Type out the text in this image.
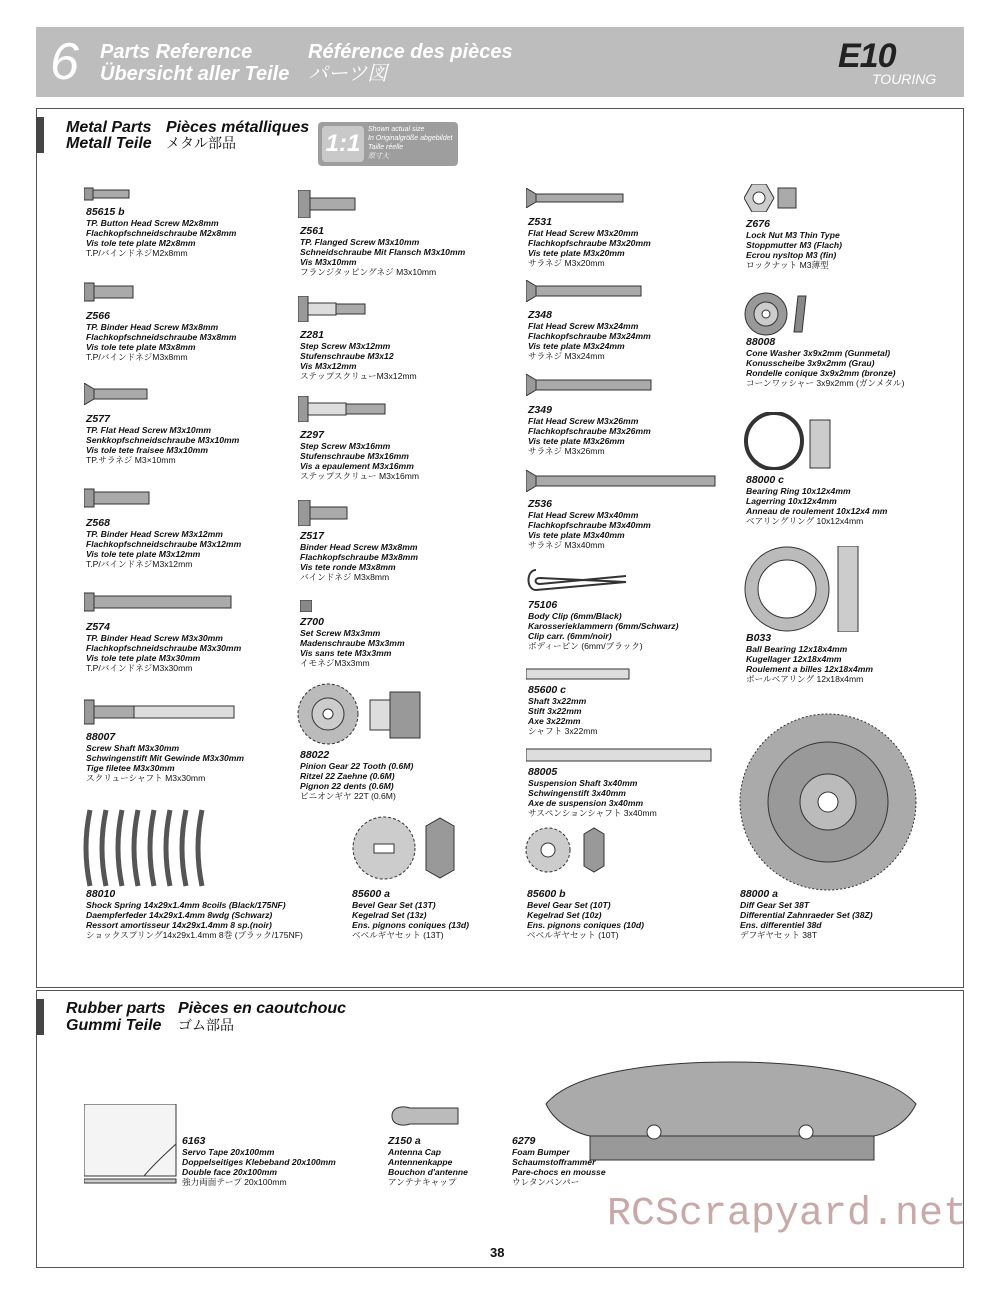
6 Parts Reference
Übersicht aller Teile
Référence des pièces
パーツ図	E10
TOURING
Metal Parts Pièces métalliques
Metall Teile メタル部品	1:1
Shown actual size
In Originalgröße abgebildet
Taille réelle
原寸大
85615 b
TP. Button Head Screw M2x8mm
Flachkopfschneidschraube M2x8mm
Vis tole tete plate M2x8mm
T.P/バインドネジM2x8mm
Z566
TP. Binder Head Screw M3x8mm
Flachkopfschneidschraube M3x8mm
Vis tole tete plate M3x8mm
T.P/バインドネジM3x8mm
Z577
TP. Flat Head Screw M3x10mm
Senkkopfschneidschraube M3x10mm
Vis tole tete fraisee M3x10mm
TP.サラネジ M3×10mm
Z568
TP. Binder Head Screw M3x12mm
Flachkopfschneidschraube M3x12mm
Vis tole tete plate M3x12mm
T.P/バインドネジM3x12mm
Z574
TP. Binder Head Screw M3x30mm
Flachkopfschneidschraube M3x30mm
Vis tole tete plate M3x30mm
T.P/バインドネジM3x30mm
88007
Screw Shaft M3x30mm
Schwingenstift Mit Gewinde M3x30mm
Tige filetee M3x30mm
スクリューシャフト M3x30mm
Z561
TP. Flanged Screw M3x10mm
Schneidschraube Mit Flansch M3x10mm
Vis M3x10mm
フランジタッピングネジ M3x10mm
Z281
Step Screw M3x12mm
Stufenschraube M3x12
Vis M3x12mm
ステップスクリューM3x12mm
Z297
Step Screw M3x16mm
Stufenschraube M3x16mm
Vis a epaulement M3x16mm
ステップスクリュー M3x16mm
Z517
Binder Head Screw M3x8mm
Flachkopfschraube M3x8mm
Vis tete ronde M3x8mm
バインドネジ M3x8mm
Z700
Set Screw M3x3mm
Madenschraube M3x3mm
Vis sans tete M3x3mm
イモネジM3x3mm
88022
Pinion Gear 22 Tooth (0.6M)
Ritzel 22 Zaehne (0.6M)
Pignon 22 dents (0.6M)
ピニオンギヤ 22T (0.6M)
Z531
Flat Head Screw M3x20mm
Flachkopfschraube M3x20mm
Vis tete plate M3x20mm
サラネジ M3x20mm
Z348
Flat Head Screw M3x24mm
Flachkopfschraube M3x24mm
Vis tete plate M3x24mm
サラネジ M3x24mm
Z349
Flat Head Screw M3x26mm
Flachkopfschraube M3x26mm
Vis tete plate M3x26mm
サラネジ M3x26mm
Z536
Flat Head Screw M3x40mm
Flachkopfschraube M3x40mm
Vis tete plate M3x40mm
サラネジ M3x40mm
75106
Body Clip (6mm/Black)
Karosserieklammern (6mm/Schwarz)
Clip carr. (6mm/noir)
ボディーピン (6mm/ブラック)
85600 c
Shaft 3x22mm
Stift 3x22mm
Axe 3x22mm
シャフト 3x22mm
88005
Suspension Shaft 3x40mm
Schwingenstift 3x40mm
Axe de suspension 3x40mm
サスペンションシャフト 3x40mm
Z676
Lock Nut M3 Thin Type
Stoppmutter M3 (Flach)
Ecrou nysltop M3 (fin)
ロックナット M3薄型
88008
Cone Washer 3x9x2mm (Gunmetal)
Konusscheibe 3x9x2mm (Grau)
Rondelle conique 3x9x2mm (bronze)
コーンワッシャー 3x9x2mm (ガンメタル)
88000 c
Bearing Ring 10x12x4mm
Lagerring 10x12x4mm
Anneau de roulement 10x12x4 mm
ベアリングリング 10x12x4mm
B033
Ball Bearing 12x18x4mm
Kugellager 12x18x4mm
Roulement a billes 12x18x4mm
ボールベアリング 12x18x4mm
88010
Shock Spring 14x29x1.4mm 8coils (Black/175NF)
Daempferfeder 14x29x1.4mm 8wdg (Schwarz)
Ressort amortisseur 14x29x1.4mm 8 sp.(noir)
ショックスプリング14x29x1.4mm 8巻 (ブラック/175NF)
85600 a
Bevel Gear Set (13T)
Kegelrad Set (13z)
Ens. pignons coniques (13d)
ベベルギヤセット (13T)
85600 b
Bevel Gear Set (10T)
Kegelrad Set (10z)
Ens. pignons coniques (10d)
ベベルギヤセット (10T)
88000 a
Diff Gear Set 38T
Differential Zahnraeder Set (38Z)
Ens. differentiel 38d
デフギヤセット 38T
Rubber parts Pièces en caoutchouc
Gummi Teile ゴム部品
6163
Servo Tape 20x100mm
Doppelseitiges Klebeband 20x100mm
Double face 20x100mm
強力両面テープ 20x100mm
Z150 a
Antenna Cap
Antennenkappe
Bouchon d'antenne
アンテナキャップ
6279
Foam Bumper
Schaumstofframmer
Pare-chocs en mousse
ウレタンバンパー
RCScrapyard.net
38
